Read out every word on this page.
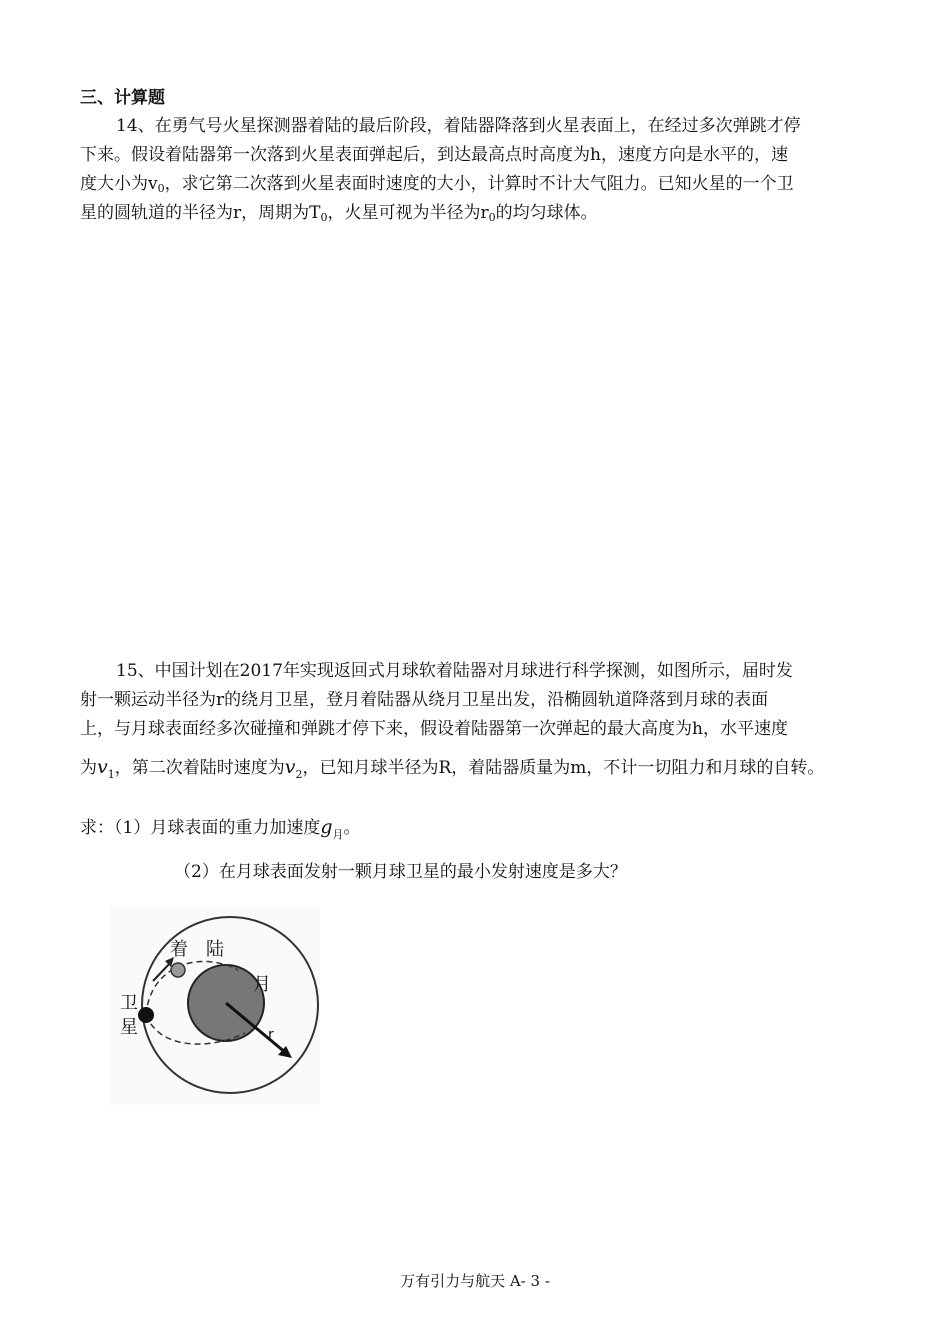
三、计算题
14、在勇气号火星探测器着陆的最后阶段，着陆器降落到火星表面上，在经过多次弹跳才停
下来。假设着陆器第一次落到火星表面弹起后，到达最高点时高度为h，速度方向是水平的，速
度大小为$v_0$，求它第二次落到火星表面时速度的大小，计算时不计大气阻力。已知火星的一个卫
星的圆轨道的半径为r，周期为$T_0$，火星可视为半径为$r_0$的均匀球体。
15、中国计划在2017年实现返回式月球软着陆器对月球进行科学探测，如图所示，届时发
射一颗运动半径为r的绕月卫星，登月着陆器从绕月卫星出发，沿椭圆轨道降落到月球的表面
上，与月球表面经多次碰撞和弹跳才停下来，假设着陆器第一次弹起的最大高度为h，水平速度
为$v_1$，第二次着陆时速度为$v_2$，已知月球半径为R，着陆器质量为m，不计一切阻力和月球的自转。
求：（1）月球表面的重力加速度$g_月$。
（2）在月球表面发射一颗月球卫星的最小发射速度是多大？
着 陆
月
卫
星	r
万有引力与航天 A- 3 -
